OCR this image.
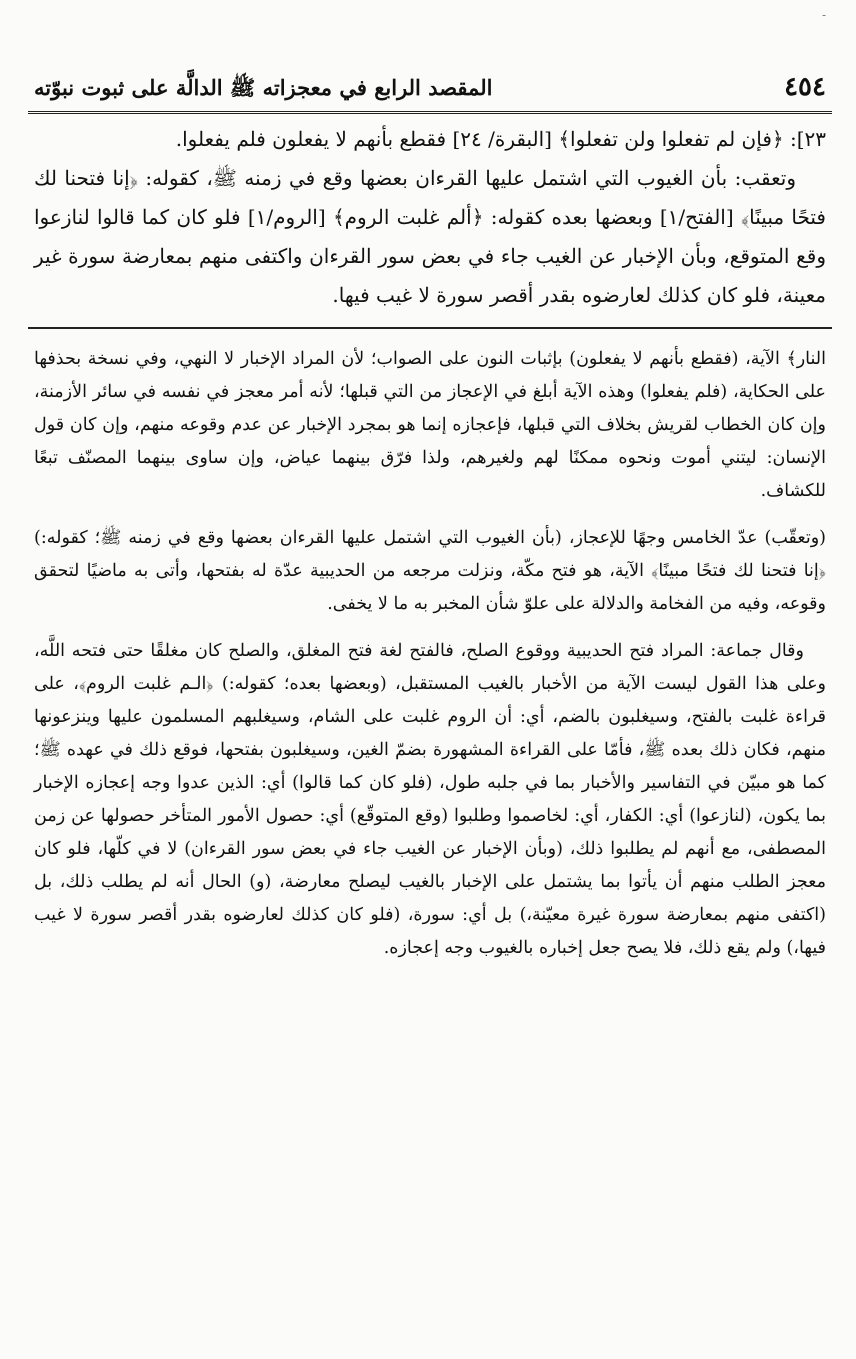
-
٤٥٤
المقصد الرابع في معجزاته ﷺ الدالَّة على ثبوت نبوّته

٢٣]: ﴿فإن لم تفعلوا ولن تفعلوا﴾ [البقرة/ ٢٤] فقطع بأنهم لا يفعلون فلم يفعلوا.

وتعقب: بأن الغيوب التي اشتمل عليها القرءان بعضها وقع في زمنه ﷺ، كقوله: ﴿إنا فتحنا لك فتحًا مبينًا﴾ [الفتح/١] وبعضها بعده كقوله: ﴿ألم غلبت الروم﴾ [الروم/١] فلو كان كما قالوا لنازعوا وقع المتوقع، وبأن الإخبار عن الغيب جاء في بعض سور القرءان واكتفى منهم بمعارضة سورة غير معينة، فلو كان كذلك لعارضوه بقدر أقصر سورة لا غيب فيها.

النار﴾ الآية، (فقطع بأنهم لا يفعلون) بإثبات النون على الصواب؛ لأن المراد الإخبار لا النهي، وفي نسخة بحذفها على الحكاية، (فلم يفعلوا) وهذه الآية أبلغ في الإعجاز من التي قبلها؛ لأنه أمر معجز في نفسه في سائر الأزمنة، وإن كان الخطاب لقريش بخلاف التي قبلها، فإعجازه إنما هو بمجرد الإخبار عن عدم وقوعه منهم، وإن كان قول الإنسان: ليتني أموت ونحوه ممكنًا لهم ولغيرهم، ولذا فرّق بينهما عياض، وإن ساوى بينهما المصنّف تبعًا للكشاف.

(وتعقّب) عدّ الخامس وجهًا للإعجاز، (بأن الغيوب التي اشتمل عليها القرءان بعضها وقع في زمنه ﷺ؛ كقوله:) ﴿إنا فتحنا لك فتحًا مبينًا﴾ الآية، هو فتح مكّة، ونزلت مرجعه من الحديبية عدّة له بفتحها، وأتى به ماضيًا لتحقق وقوعه، وفيه من الفخامة والدلالة على علوّ شأن المخبر به ما لا يخفى.

وقال جماعة: المراد فتح الحديبية ووقوع الصلح، فالفتح لغة فتح المغلق، والصلح كان مغلقًا حتى فتحه اللَّه، وعلى هذا القول ليست الآية من الأخبار بالغيب المستقبل، (وبعضها بعده؛ كقوله:) ﴿الـم غلبت الروم﴾، على قراءة غلبت بالفتح، وسيغلبون بالضم، أي: أن الروم غلبت على الشام، وسيغلبهم المسلمون عليها وينزعونها منهم، فكان ذلك بعده ﷺ، فأمّا على القراءة المشهورة بضمّ الغين، وسيغلبون بفتحها، فوقع ذلك في عهده ﷺ؛ كما هو مبيّن في التفاسير والأخبار بما في جلبه طول، (فلو كان كما قالوا) أي: الذين عدوا وجه إعجازه الإخبار بما يكون، (لنازعوا) أي: الكفار، أي: لخاصموا وطلبوا (وقع المتوقّع) أي: حصول الأمور المتأخر حصولها عن زمن المصطفى، مع أنهم لم يطلبوا ذلك، (وبأن الإخبار عن الغيب جاء في بعض سور القرءان) لا في كلّها، فلو كان معجز الطلب منهم أن يأتوا بما يشتمل على الإخبار بالغيب ليصلح معارضة، (و) الحال أنه لم يطلب ذلك، بل (اكتفى منهم بمعارضة سورة غيرة معيّنة،) بل أي: سورة، (فلو كان كذلك لعارضوه بقدر أقصر سورة لا غيب فيها،) ولم يقع ذلك، فلا يصح جعل إخباره بالغيوب وجه إعجازه.
